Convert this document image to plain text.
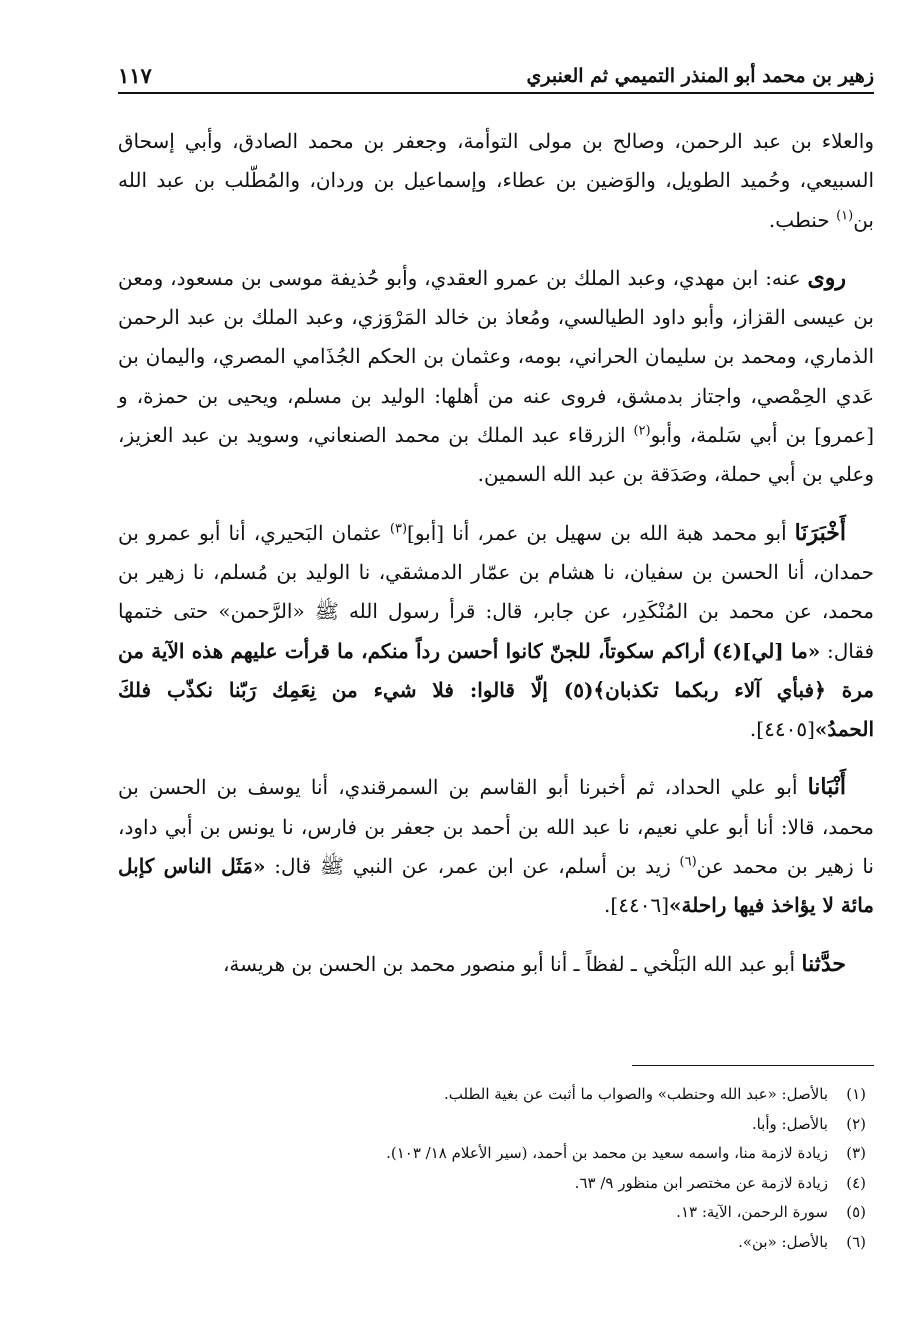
زهير بن محمد أبو المنذر التميمي ثم العنبري
١١٧

والعلاء بن عبد الرحمن، وصالح بن مولى التوأمة، وجعفر بن محمد الصادق، وأبي إسحاق السبيعي، وحُميد الطويل، والوَضين بن عطاء، وإسماعيل بن وردان، والمُطّلب بن عبد الله بن$^{(١)}$ حنطب.

روى عنه: ابن مهدي، وعبد الملك بن عمرو العقدي، وأبو حُذيفة موسى بن مسعود، ومعن بن عيسى القزاز، وأبو داود الطيالسي، ومُعاذ بن خالد المَرْوَزي، وعبد الملك بن عبد الرحمن الذماري، ومحمد بن سليمان الحراني، بومه، وعثمان بن الحكم الجُذَامي المصري، واليمان بن عَدي الحِمْصي، واجتاز بدمشق، فروى عنه من أهلها: الوليد بن مسلم، ويحيى بن حمزة، و [عمرو] بن أبي سَلمة، وأبو$^{(٢)}$ الزرقاء عبد الملك بن محمد الصنعاني، وسويد بن عبد العزيز، وعلي بن أبي حملة، وصَدَقة بن عبد الله السمين.

أَخْبَرَنَا أبو محمد هبة الله بن سهيل بن عمر، أنا [أبو]$^{(٣)}$ عثمان البَحيري، أنا أبو عمرو بن حمدان، أنا الحسن بن سفيان، نا هشام بن عمّار الدمشقي، نا الوليد بن مُسلم، نا زهير بن محمد، عن محمد بن المُنْكَدِر، عن جابر، قال: قرأ رسول الله ﷺ «الرَّحمن» حتى ختمها فقال: «ما [لي](٤) أراكم سكوتاً، للجنّ كانوا أحسن رداً منكم، ما قرأت عليهم هذه الآية من مرة ﴿فبأي آلاء ربكما تكذبان﴾(٥) إلّا قالوا: فلا شيء من نِعَمِك رَبّنا نكذّب فلكَ الحمدُ»[٤٤٠٥].

أَنْبَانا أبو علي الحداد، ثم أخبرنا أبو القاسم بن السمرقندي، أنا يوسف بن الحسن بن محمد، قالا: أنا أبو علي نعيم، نا عبد الله بن أحمد بن جعفر بن فارس، نا يونس بن أبي داود، نا زهير بن محمد عن$^{(٦)}$ زيد بن أسلم، عن ابن عمر، عن النبي ﷺ قال: «مَثَل الناس كإبل مائة لا يؤاخذ فيها راحلة»[٤٤٠٦].

حدَّثنا أبو عبد الله البَلْخي ـ لفظاً ـ أنا أبو منصور محمد بن الحسن بن هريسة،

(١)
بالأصل: «عبد الله وحنطب» والصواب ما أثبت عن بغية الطلب.
(٢)
بالأصل: وأبا.
(٣)
زيادة لازمة منا، واسمه سعيد بن محمد بن أحمد، (سير الأعلام ١٨/ ١٠٣).
(٤)
زيادة لازمة عن مختصر ابن منظور ٩/ ٦٣.
(٥)
سورة الرحمن، الآية: ١٣.
(٦)
بالأصل: «بن».
